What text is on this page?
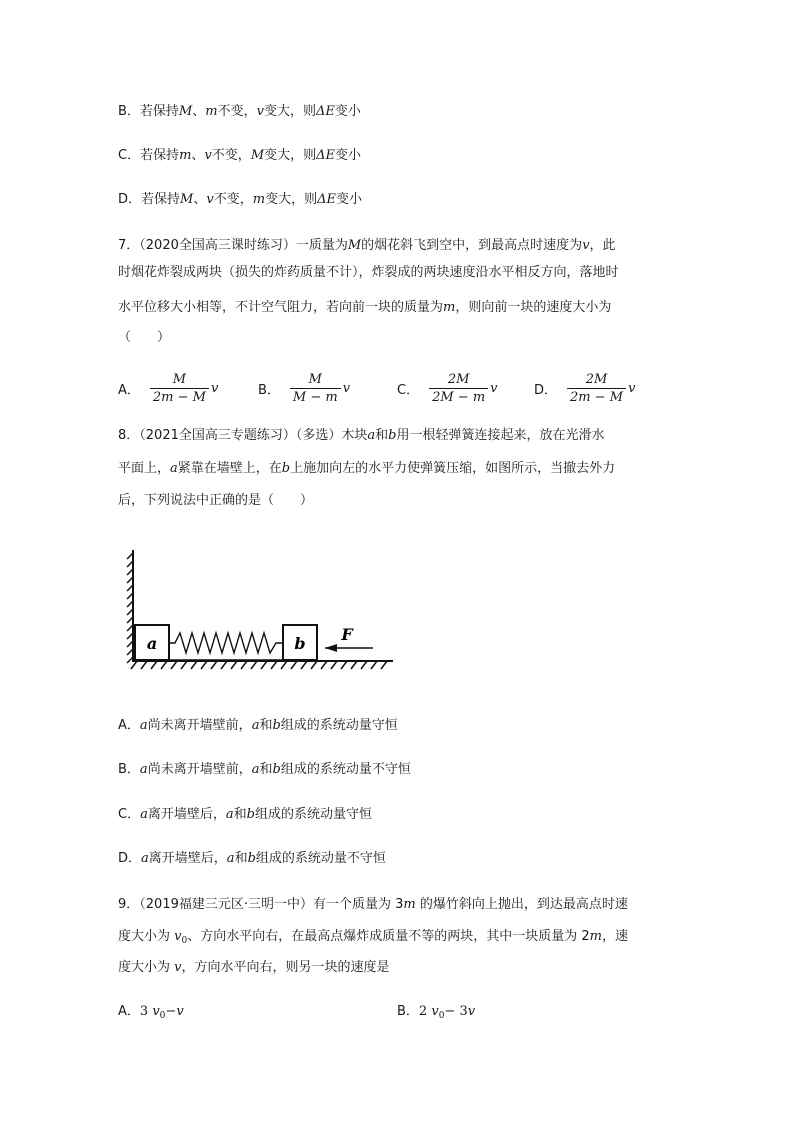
B．若保持M、m不变，v变大，则ΔE变小
C．若保持m、v不变，M变大，则ΔE变小
D．若保持M、v不变，m变大，则ΔE变小
7．（2020全国高三课时练习）一质量为M的烟花斜飞到空中，到最高点时速度为v，此
时烟花炸裂成两块（损失的炸药质量不计），炸裂成的两块速度沿水平相反方向，落地时
水平位移大小相等，不计空气阻力，若向前一块的质量为m，则向前一块的速度大小为
（　　）
A． $\frac{M}{2m - M}$ v	B． $\frac{M}{M - m}$ v	C． $\frac{2M}{2M - m}$ v	D． $\frac{2M}{2m - M}$ v
8．（2021全国高三专题练习）（多选）木块a和b用一根轻弹簧连接起来，放在光滑水
平面上，a紧靠在墙壁上，在b上施加向左的水平力使弹簧压缩，如图所示，当撤去外力
后，下列说法中正确的是（　　）
a	b F
A．a尚未离开墙壁前，a和b组成的系统动量守恒
B．a尚未离开墙壁前，a和b组成的系统动量不守恒
C．a离开墙壁后，a和b组成的系统动量守恒
D．a离开墙壁后，a和b组成的系统动量不守恒
9．（2019福建三元区·三明一中）有一个质量为 3m 的爆竹斜向上抛出，到达最高点时速
度大小为 $v_0$、方向水平向右，在最高点爆炸成质量不等的两块，其中一块质量为 2m，速
度大小为 v，方向水平向右，则另一块的速度是
A．3 $v_0-v$	B．2 $v_0- 3v$
